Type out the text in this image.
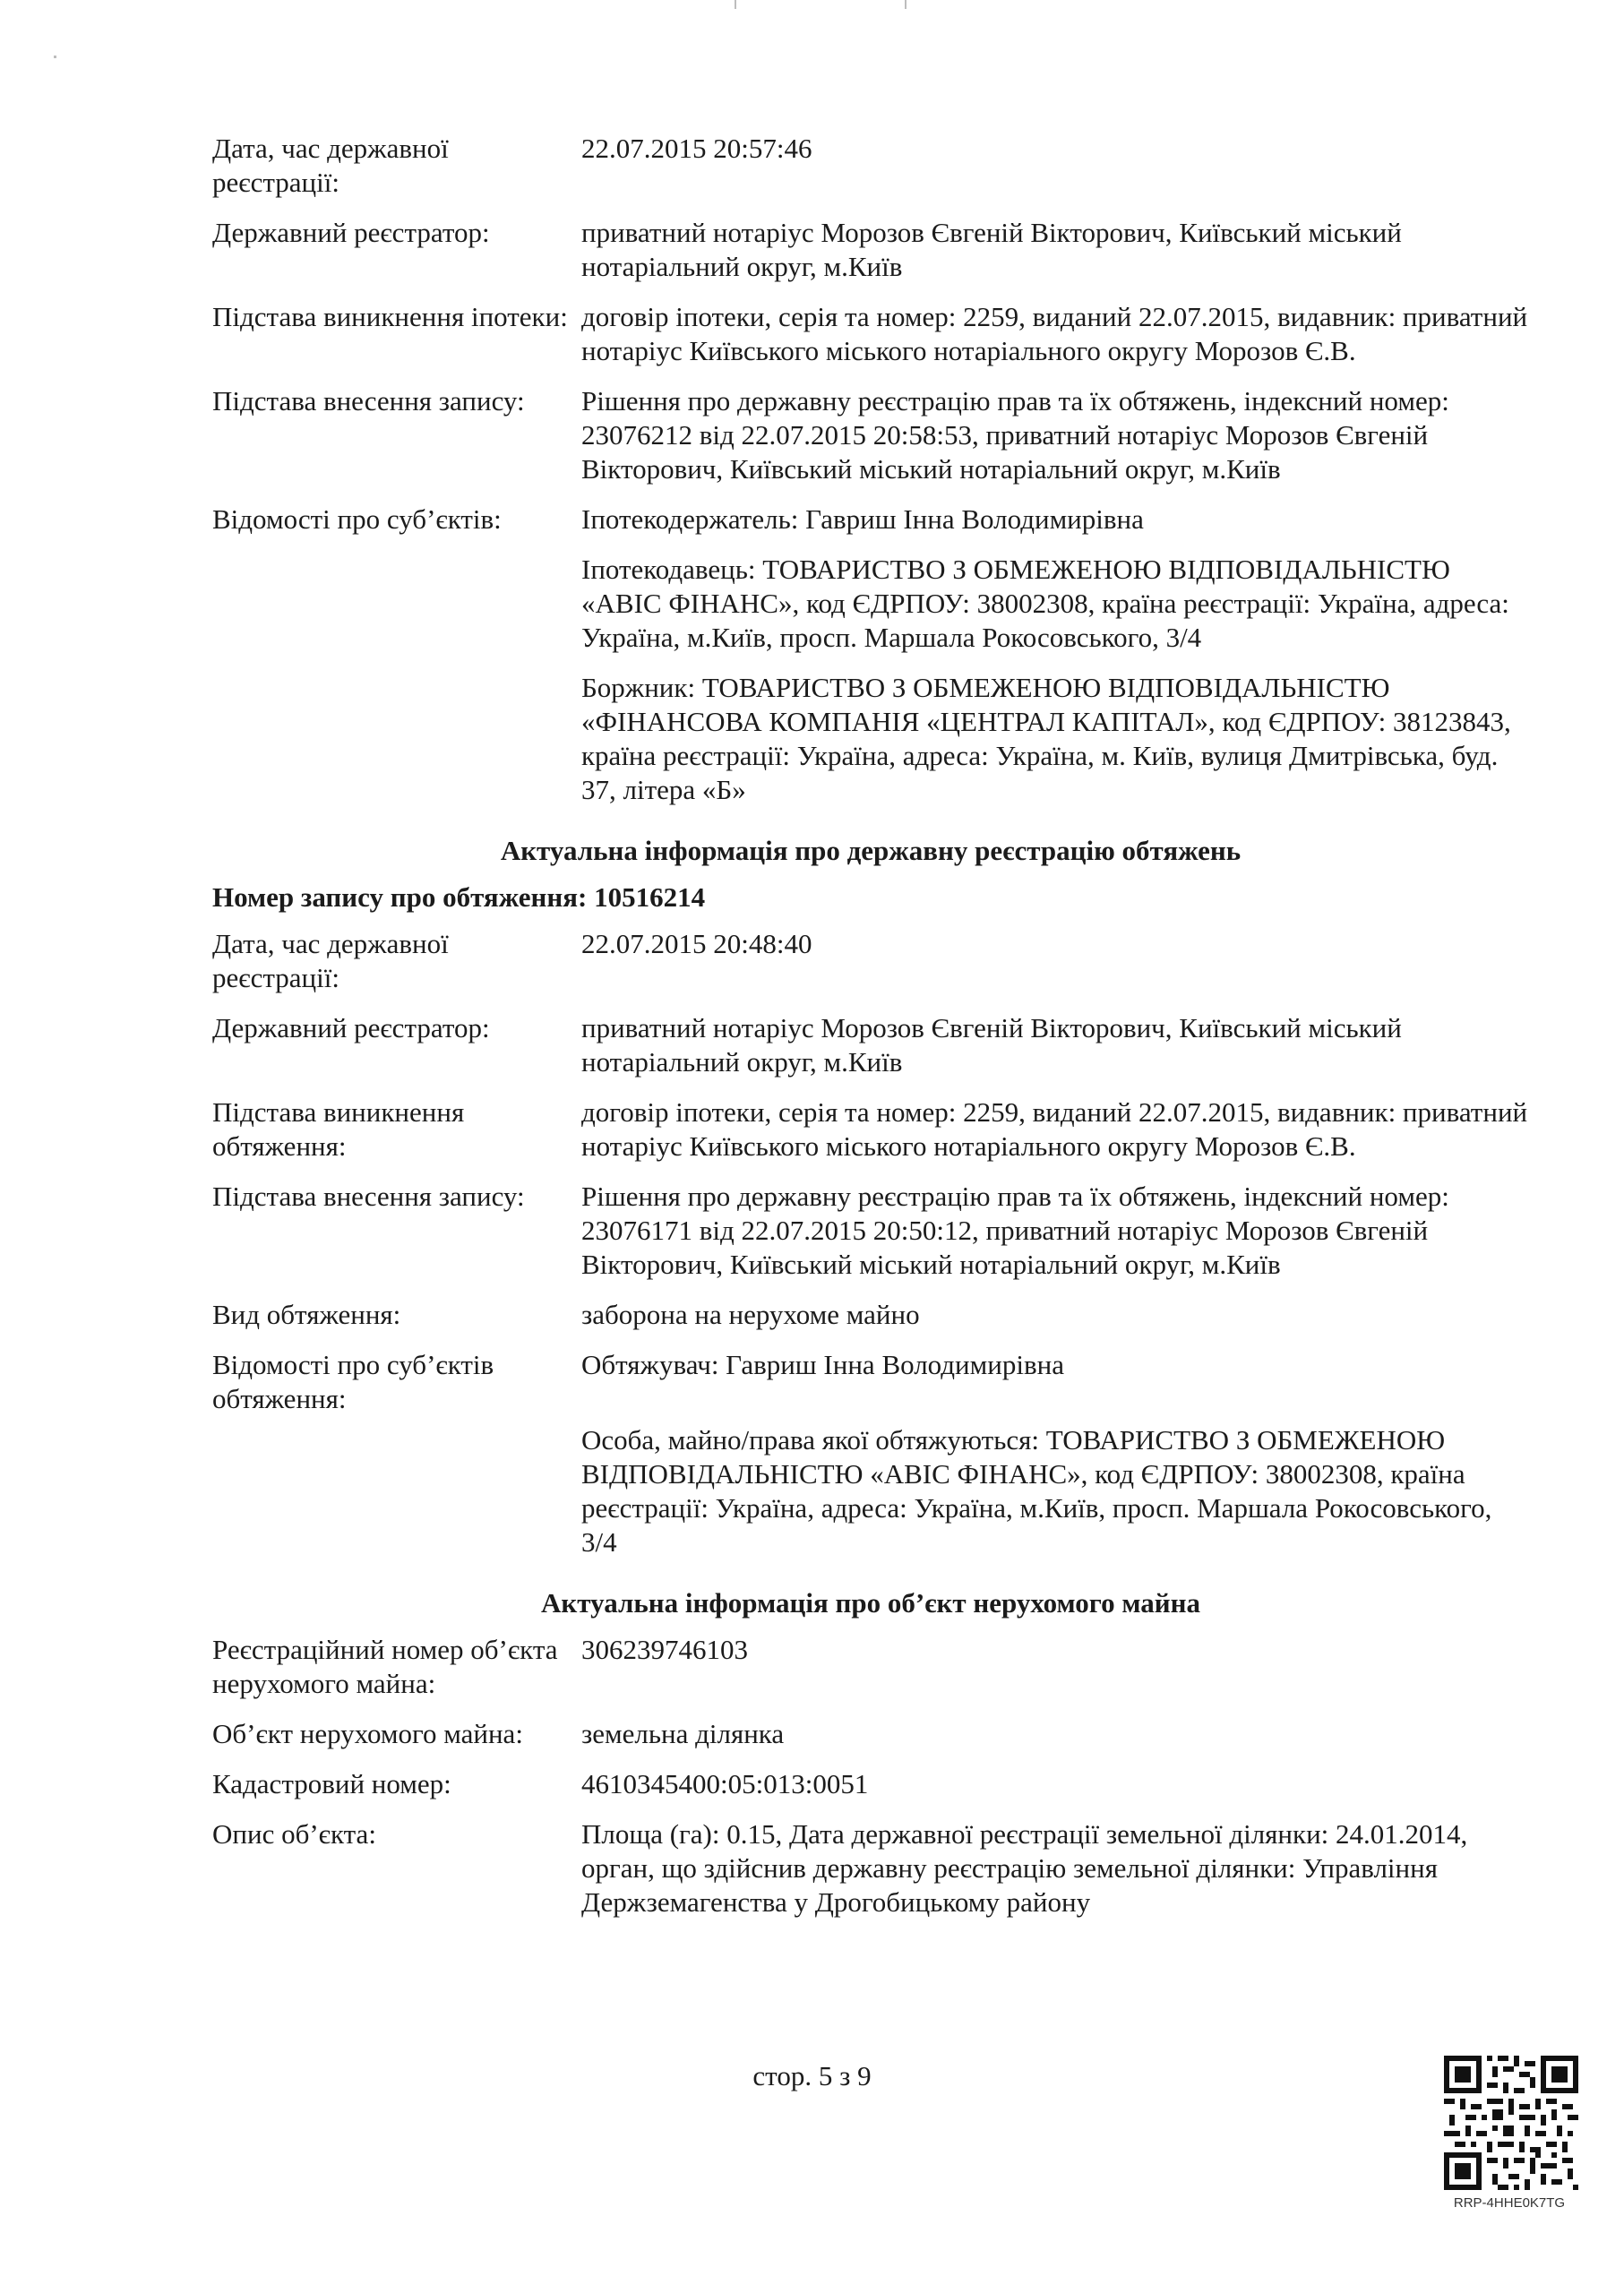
Дата, час державної реєстрації:
22.07.2015 20:57:46
Державний реєстратор:	приватний нотаріус Морозов Євгеній Вікторович, Київський міський нотаріальний округ, м.Київ
Підстава виникнення іпотеки: договір іпотеки, серія та номер: 2259, виданий 22.07.2015, видавник: приватний нотаріус Київського міського нотаріального округу Морозов Є.В.
Підстава внесення запису:	Рішення про державну реєстрацію прав та їх обтяжень, індексний номер: 23076212 від 22.07.2015 20:58:53, приватний нотаріус Морозов Євгеній Вікторович, Київський міський нотаріальний округ, м.Київ
Відомості про суб’єктів:	Іпотекодержатель: Гавриш Інна Володимирівна
Іпотекодавець: ТОВАРИСТВО З ОБМЕЖЕНОЮ ВІДПОВІДАЛЬНІСТЮ «АВІС ФІНАНС», код ЄДРПОУ: 38002308, країна реєстрації: Україна, адреса: Україна, м.Київ, просп. Маршала Рокосовського, 3/4
Боржник: ТОВАРИСТВО З ОБМЕЖЕНОЮ ВІДПОВІДАЛЬНІСТЮ «ФІНАНСОВА КОМПАНІЯ «ЦЕНТРАЛ КАПІТАЛ», код ЄДРПОУ: 38123843, країна реєстрації: Україна, адреса: Україна, м. Київ, вулиця Дмитрівська, буд. 37, літера «Б»
Актуальна інформація про державну реєстрацію обтяжень
Номер запису про обтяження: 10516214
Дата, час державної реєстрації:
22.07.2015 20:48:40
Державний реєстратор:	приватний нотаріус Морозов Євгеній Вікторович, Київський міський нотаріальний округ, м.Київ
Підстава виникнення обтяження:
договір іпотеки, серія та номер: 2259, виданий 22.07.2015, видавник: приватний нотаріус Київського міського нотаріального округу Морозов Є.В.
Підстава внесення запису:	Рішення про державну реєстрацію прав та їх обтяжень, індексний номер: 23076171 від 22.07.2015 20:50:12, приватний нотаріус Морозов Євгеній Вікторович, Київський міський нотаріальний округ, м.Київ
Вид обтяження:	заборона на нерухоме майно
Відомості про суб’єктів обтяження:
Обтяжувач: Гавриш Інна Володимирівна
Особа, майно/права якої обтяжуються: ТОВАРИСТВО З ОБМЕЖЕНОЮ ВІДПОВІДАЛЬНІСТЮ «АВІС ФІНАНС», код ЄДРПОУ: 38002308, країна реєстрації: Україна, адреса: Україна, м.Київ, просп. Маршала Рокосовського, 3/4
Актуальна інформація про об’єкт нерухомого майна
Реєстраційний номер об’єкта нерухомого майна:
306239746103
Об’єкт нерухомого майна:	земельна ділянка
Кадастровий номер:	4610345400:05:013:0051
Опис об’єкта:	Площа (га): 0.15, Дата державної реєстрації земельної ділянки: 24.01.2014, орган, що здійснив державну реєстрацію земельної ділянки: Управління Держземагенства у Дрогобицькому району
стор. 5 з 9
RRP-4HHE0K7TG
